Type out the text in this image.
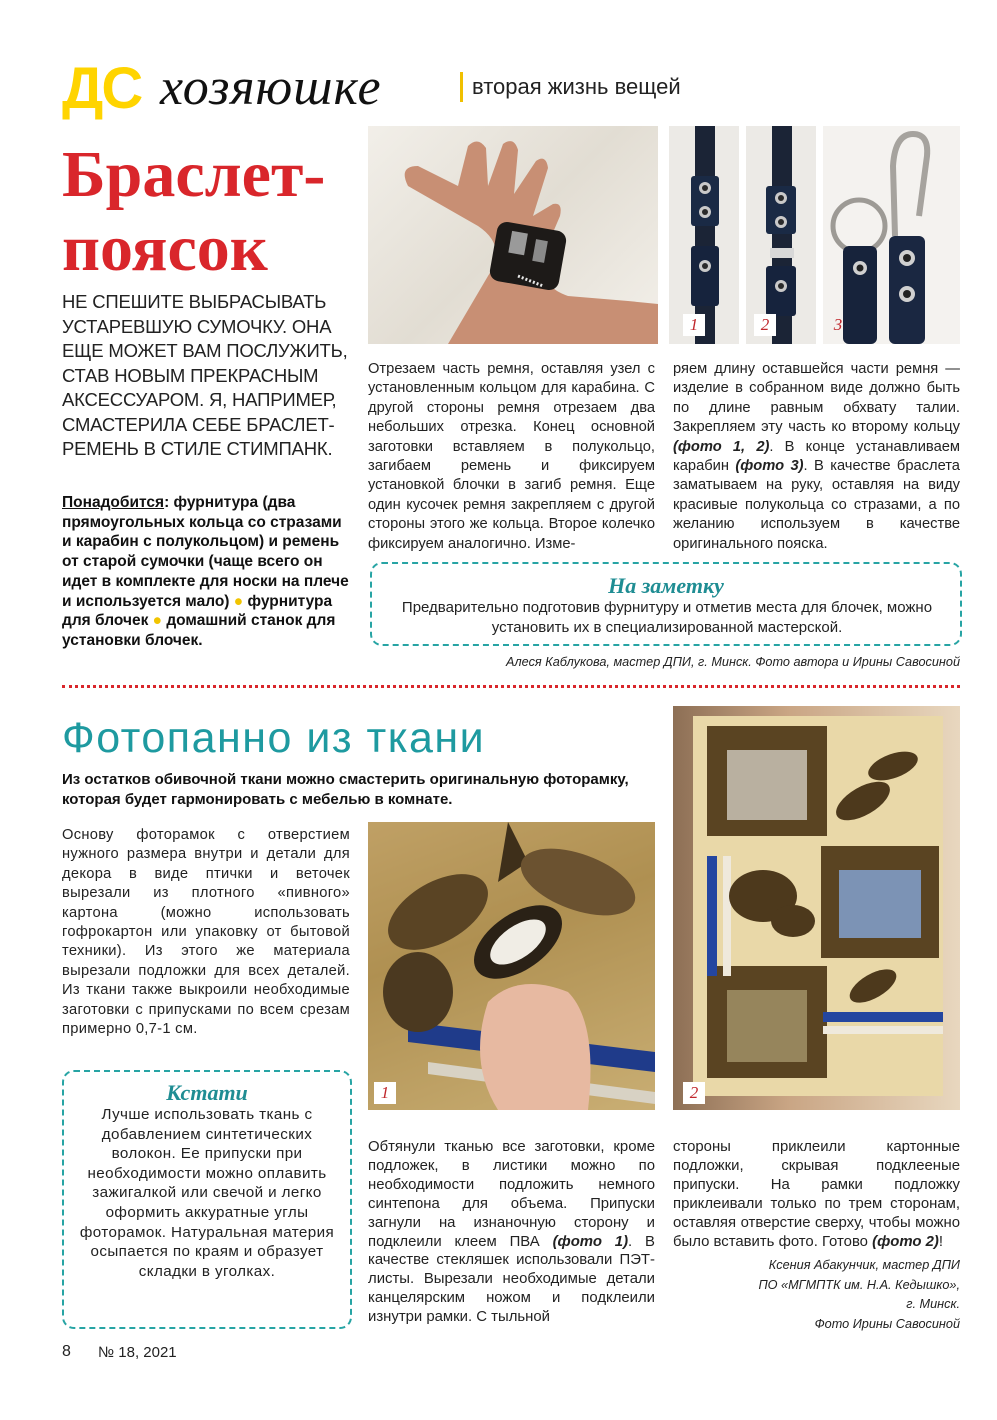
ДС хозяюшке	вторая жизнь вещей
Браслет-
поясок
НЕ СПЕШИТЕ ВЫБРАСЫВАТЬ УСТАРЕВШУЮ СУМОЧКУ. ОНА ЕЩЕ МОЖЕТ ВАМ ПОСЛУЖИТЬ, СТАВ НОВЫМ ПРЕКРАСНЫМ АКСЕССУАРОМ. Я, НАПРИМЕР, СМАСТЕРИЛА СЕБЕ БРАСЛЕТ-РЕМЕНЬ В СТИЛЕ СТИМПАНК.
Понадобится: фурнитура (два прямоугольных кольца со стразами и карабин с полукольцом) и ремень от старой сумочки (чаще всего он идет в комплекте для носки на плече и используется мало) ● фурнитура для блочек ● домашний станок для установки блочек.
1	2	3
Отрезаем часть ремня, оставляя узел с установленным кольцом для карабина. С другой стороны ремня отрезаем два небольших отрезка. Конец основной заготовки вставляем в полукольцо, загибаем ремень и фиксируем установкой блочки в загиб ремня. Еще один кусочек ремня закрепляем с другой стороны этого же кольца. Второе колечко фиксируем аналогично. Изме-
ряем длину оставшейся части ремня — изделие в собранном виде должно быть по длине равным обхвату талии. Закрепляем эту часть ко второму кольцу (фото 1, 2). В конце устанавливаем карабин (фото 3). В качестве браслета заматываем на руку, оставляя на виду красивые полукольца со стразами, а по желанию используем в качестве оригинального пояска.
На заметку
Предварительно подготовив фурнитуру и отметив места для блочек, можно установить их в специализированной мастерской.
Алеся Каблукова, мастер ДПИ, г. Минск. Фото автора и Ирины Савосиной
Фотопанно из ткани
Из остатков обивочной ткани можно смастерить оригинальную фоторамку, которая будет гармонировать с мебелью в комнате.
Основу фоторамок с отверстием нужного размера внутри и детали для декора в виде птички и веточек вырезали из плотного «пивного» картона (можно использовать гофрокартон или упаковку от бытовой техники). Из этого же материала вырезали подложки для всех деталей. Из ткани также выкроили необходимые заготовки с припусками по всем срезам примерно 0,7-1 см.
Кстати
Лучше использовать ткань с добавлением синтетических волокон. Ее припуски при необходимости можно оплавить зажигалкой или свечой и легко оформить аккуратные углы фоторамок. Натуральная материя осыпается по краям и образует складки в уголках.
1	2
Обтянули тканью все заготовки, кроме подложек, в листики можно по необходимости подложить немного синтепона для объема. Припуски загнули на изнаночную сторону и подклеили клеем ПВА (фото 1). В качестве стекляшек использовали ПЭТ-листы. Вырезали необходимые детали канцелярским ножом и подклеили изнутри рамки. С тыльной
стороны приклеили картонные подложки, скрывая подклееные припуски. На рамки подложку приклеивали только по трем сторонам, оставляя отверстие сверху, чтобы можно было вставить фото. Готово (фото 2)!
Ксения Абакунчик, мастер ДПИ
ПО «МГМПТК им. Н.А. Кедышко»,
г. Минск.
Фото Ирины Савосиной
8 № 18, 2021
